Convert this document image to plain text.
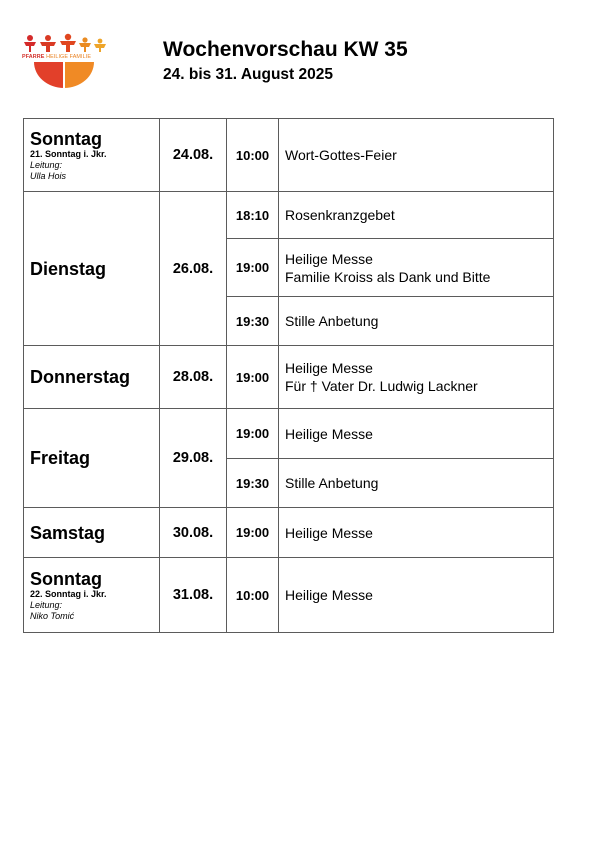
PFARRE HEILIGE FAMILIE	Wochenvorschau KW 35
24. bis 31. August 2025
Sonntag
21. Sonntag i. Jkr.
Leitung:
Ulla Hois	24.08.	10:00	Wort-Gottes-Feier

Dienstag	26.08.	18:10	Rosenkranzgebet

		19:00	Heilige Messe
Familie Kroiss als Dank und Bitte

		19:30	Stille Anbetung

Donnerstag	28.08.	19:00	Heilige Messe
Für † Vater Dr. Ludwig Lackner

Freitag	29.08.	19:00	Heilige Messe

		19:30	Stille Anbetung

Samstag	30.08.	19:00	Heilige Messe

Sonntag
22. Sonntag i. Jkr.
Leitung:
Niko Tomić	31.08.	10:00	Heilige Messe
